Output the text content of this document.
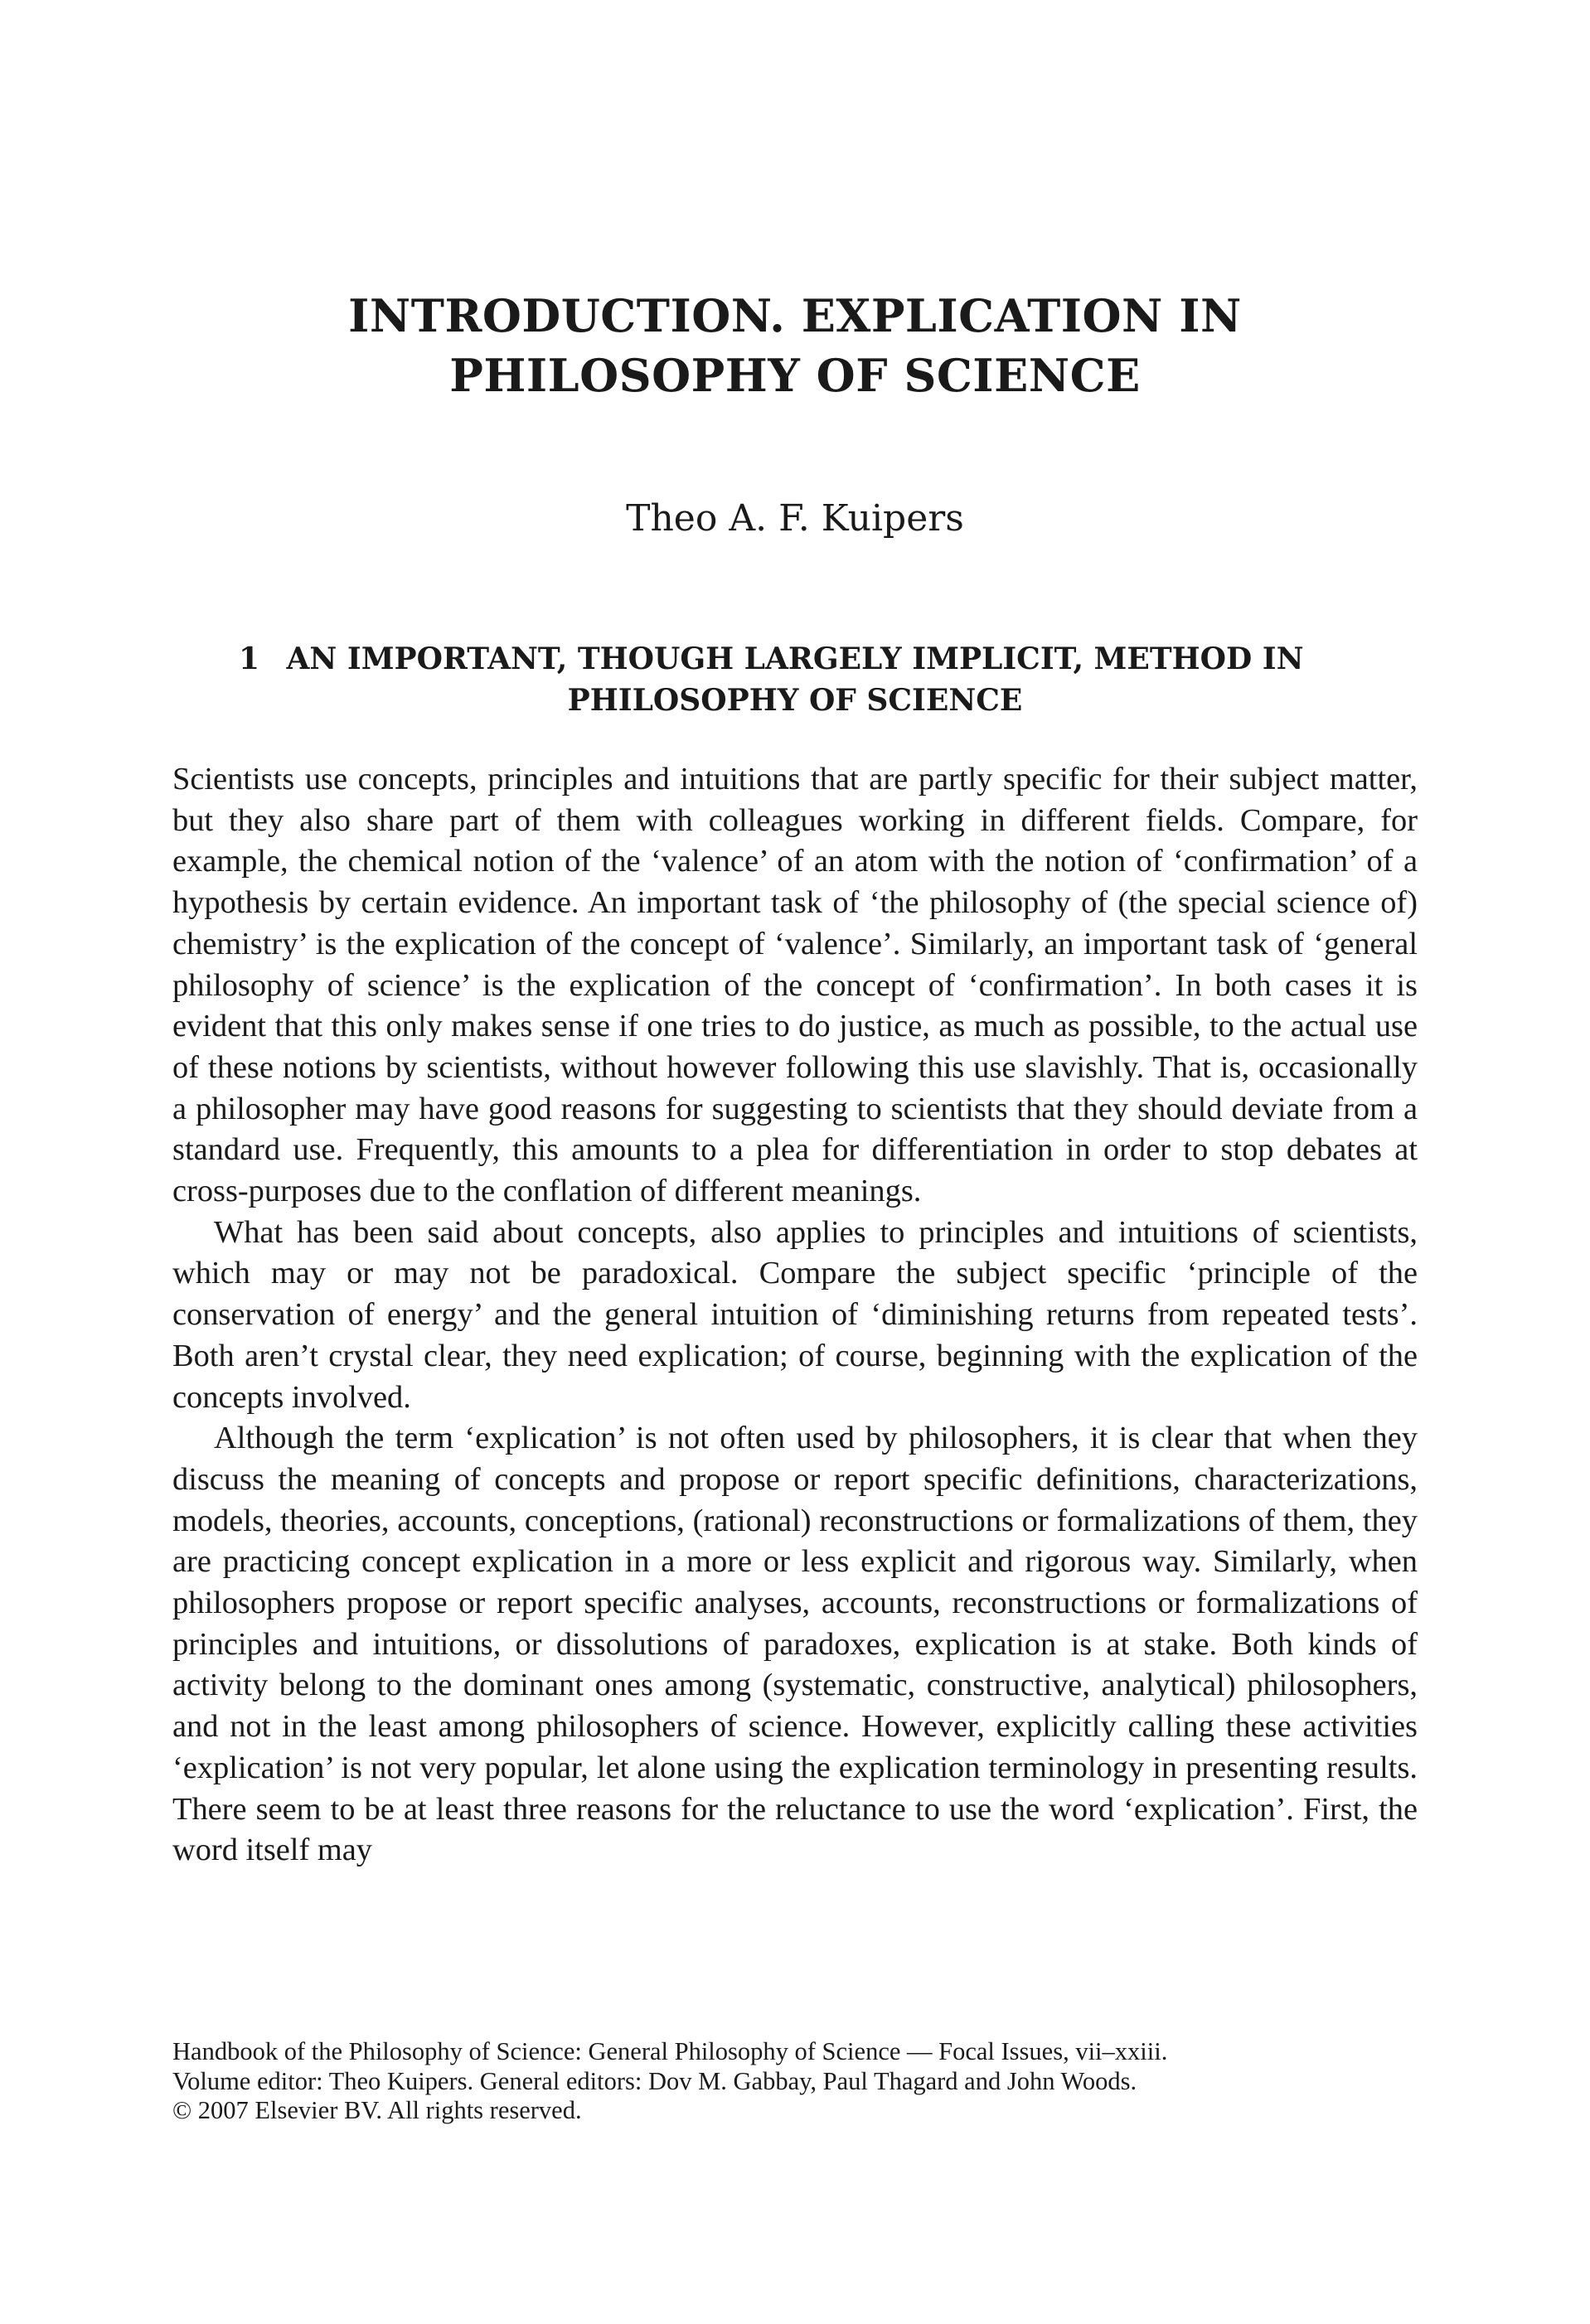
INTRODUCTION. EXPLICATION IN
PHILOSOPHY OF SCIENCE
Theo A. F. Kuipers
1 AN IMPORTANT, THOUGH LARGELY IMPLICIT, METHOD IN
PHILOSOPHY OF SCIENCE

Scientists use concepts, principles and intuitions that are partly specific for their subject matter, but they also share part of them with colleagues working in different fields. Compare, for example, the chemical notion of the ‘valence’ of an atom with the notion of ‘confirmation’ of a hypothesis by certain evidence. An important task of ‘the philosophy of (the special science of) chemistry’ is the explication of the concept of ‘valence’. Similarly, an important task of ‘general philosophy of science’ is the explication of the concept of ‘confirmation’. In both cases it is evident that this only makes sense if one tries to do justice, as much as possible, to the actual use of these notions by scientists, without however following this use slavishly. That is, occasionally a philosopher may have good reasons for suggesting to scientists that they should deviate from a standard use. Frequently, this amounts to a plea for differentiation in order to stop debates at cross-purposes due to the conflation of different meanings.

What has been said about concepts, also applies to principles and intuitions of scientists, which may or may not be paradoxical. Compare the subject specific ‘principle of the conservation of energy’ and the general intuition of ‘diminishing returns from repeated tests’. Both aren’t crystal clear, they need explication; of course, beginning with the explication of the concepts involved.

Although the term ‘explication’ is not often used by philosophers, it is clear that when they discuss the meaning of concepts and propose or report specific definitions, characterizations, models, theories, accounts, conceptions, (rational) reconstructions or formalizations of them, they are practicing concept explication in a more or less explicit and rigorous way. Similarly, when philosophers propose or report specific analyses, accounts, reconstructions or formalizations of principles and intuitions, or dissolutions of paradoxes, explication is at stake. Both kinds of activity belong to the dominant ones among (systematic, constructive, analytical) philosophers, and not in the least among philosophers of science. However, explicitly calling these activities ‘explication’ is not very popular, let alone using the explication terminology in presenting results. There seem to be at least three reasons for the reluctance to use the word ‘explication’. First, the word itself may

Handbook of the Philosophy of Science: General Philosophy of Science — Focal Issues, vii–xxiii.
Volume editor: Theo Kuipers. General editors: Dov M. Gabbay, Paul Thagard and John Woods.
© 2007 Elsevier BV. All rights reserved.
